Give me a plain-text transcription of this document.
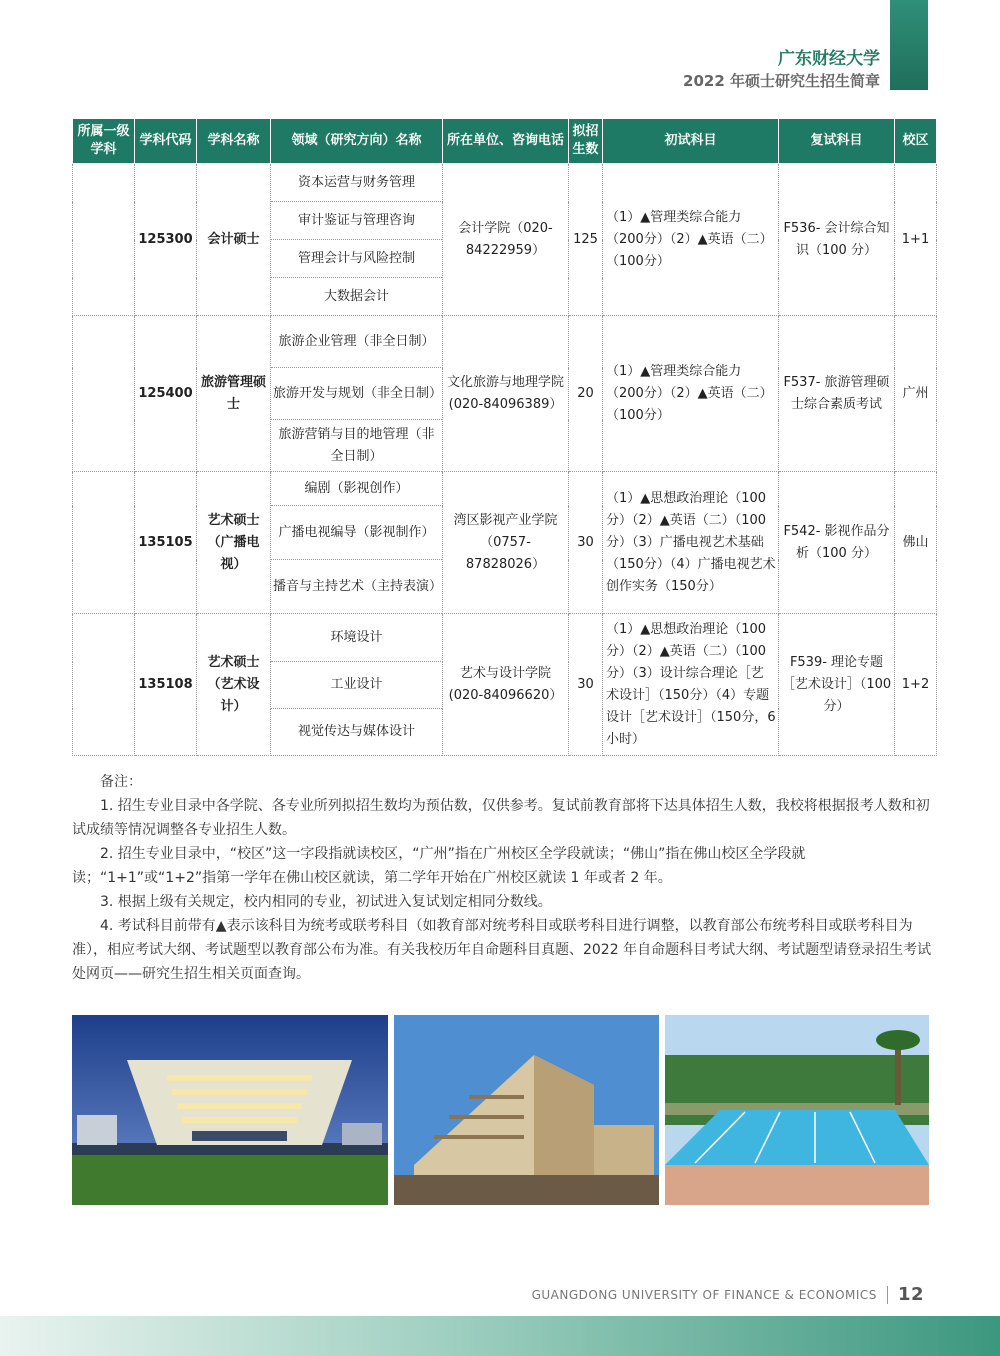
广东财经大学
2022 年硕士研究生招生简章
所属一级学科	学科代码	学科名称	领域（研究方向）名称	所在单位、咨询电话	拟招生数	初试科目	复试科目	校区
	125300	会计硕士	资本运营与财务管理	会计学院（020-84222959）	125	（1）▲管理类综合能力（200分）（2）▲英语（二）（100分）	F536- 会计综合知识（100 分）	1+1
			审计鉴证与管理咨询					
			管理会计与风险控制					
			大数据会计					
	125400	旅游管理硕士	旅游企业管理（非全日制）	文化旅游与地理学院(020-84096389）	20	（1）▲管理类综合能力（200分）（2）▲英语（二）（100分）	F537- 旅游管理硕士综合素质考试	广州
			旅游开发与规划（非全日制）					
			旅游营销与目的地管理（非全日制）					
	135105	艺术硕士（广播电视）	编剧（影视创作）	湾区影视产业学院（0757-87828026）	30	（1）▲思想政治理论（100分）（2）▲英语（二）（100分）（3）广播电视艺术基础（150分）（4）广播电视艺术创作实务（150分）	F542- 影视作品分析（100 分）	佛山
			广播电视编导（影视制作）					
			播音与主持艺术（主持表演）					
	135108	艺术硕士（艺术设计）	环境设计	艺术与设计学院(020-84096620）	30	（1）▲思想政治理论（100分）（2）▲英语（二）（100分）（3）设计综合理论［艺术设计］（150分）（4）专题设计［艺术设计］（150分，6小时）	F539- 理论专题［艺术设计］（100 分）	1+2
			工业设计					
			视觉传达与媒体设计					

备注：

1. 招生专业目录中各学院、各专业所列拟招生数均为预估数，仅供参考。复试前教育部将下达具体招生人数，我校将根据报考人数和初试成绩等情况调整各专业招生人数。

2. 招生专业目录中，“校区”这一字段指就读校区，“广州”指在广州校区全学段就读；“佛山”指在佛山校区全学段就读；“1+1”或“1+2”指第一学年在佛山校区就读，第二学年开始在广州校区就读 1 年或者 2 年。

3. 根据上级有关规定，校内相同的专业，初试进入复试划定相同分数线。

4. 考试科目前带有▲表示该科目为统考或联考科目（如教育部对统考科目或联考科目进行调整，以教育部公布统考科目或联考科目为准），相应考试大纲、考试题型以教育部公布为准。有关我校历年自命题科目真题、2022 年自命题科目考试大纲、考试题型请登录招生考试处网页——研究生招生相关页面查询。

GUANGDONG UNIVERSITY OF FINANCE & ECONOMICS 12
